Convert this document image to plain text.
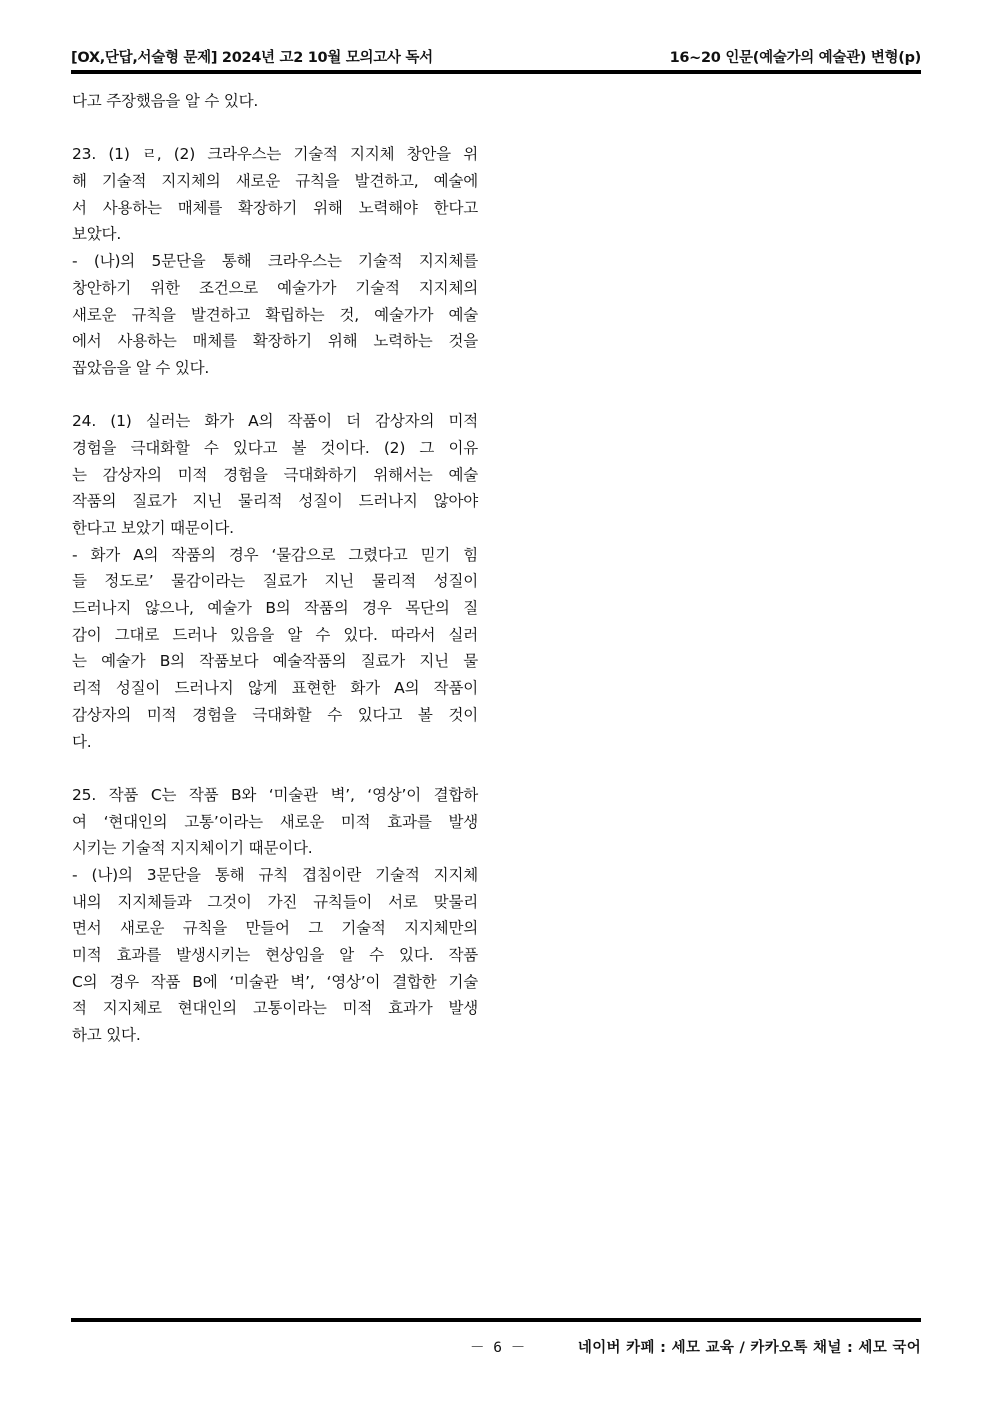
[OX,단답,서술형 문제] 2024년 고2 10월 모의고사 독서	16~20 인문(예술가의 예술관) 변형(p)
다고 주장했음을 알 수 있다.
23. (1) ㄹ, (2) 크라우스는 기술적 지지체 창안을 위
해 기술적 지지체의 새로운 규칙을 발견하고, 예술에
서 사용하는 매체를 확장하기 위해 노력해야 한다고
보았다.
- (나)의 5문단을 통해 크라우스는 기술적 지지체를
창안하기 위한 조건으로 예술가가 기술적 지지체의
새로운 규칙을 발견하고 확립하는 것, 예술가가 예술
에서 사용하는 매체를 확장하기 위해 노력하는 것을
꼽았음을 알 수 있다.
24. (1) 실러는 화가 A의 작품이 더 감상자의 미적
경험을 극대화할 수 있다고 볼 것이다. (2) 그 이유
는 감상자의 미적 경험을 극대화하기 위해서는 예술
작품의 질료가 지닌 물리적 성질이 드러나지 않아야
한다고 보았기 때문이다.
- 화가 A의 작품의 경우 ‘물감으로 그렸다고 믿기 힘
들 정도로’ 물감이라는 질료가 지닌 물리적 성질이
드러나지 않으나, 예술가 B의 작품의 경우 목단의 질
감이 그대로 드러나 있음을 알 수 있다. 따라서 실러
는 예술가 B의 작품보다 예술작품의 질료가 지닌 물
리적 성질이 드러나지 않게 표현한 화가 A의 작품이
감상자의 미적 경험을 극대화할 수 있다고 볼 것이
다.
25. 작품 C는 작품 B와 ‘미술관 벽’, ‘영상’이 결합하
여 ‘현대인의 고통’이라는 새로운 미적 효과를 발생
시키는 기술적 지지체이기 때문이다.
- (나)의 3문단을 통해 규칙 겹침이란 기술적 지지체
내의 지지체들과 그것이 가진 규칙들이 서로 맞물리
면서 새로운 규칙을 만들어 그 기술적 지지체만의
미적 효과를 발생시키는 현상임을 알 수 있다. 작품
C의 경우 작품 B에 ‘미술관 벽’, ‘영상’이 결합한 기술
적 지지체로 현대인의 고통이라는 미적 효과가 발생
하고 있다.
－ 6 －	네이버 카페 : 세모 교육 / 카카오톡 채널 : 세모 국어
